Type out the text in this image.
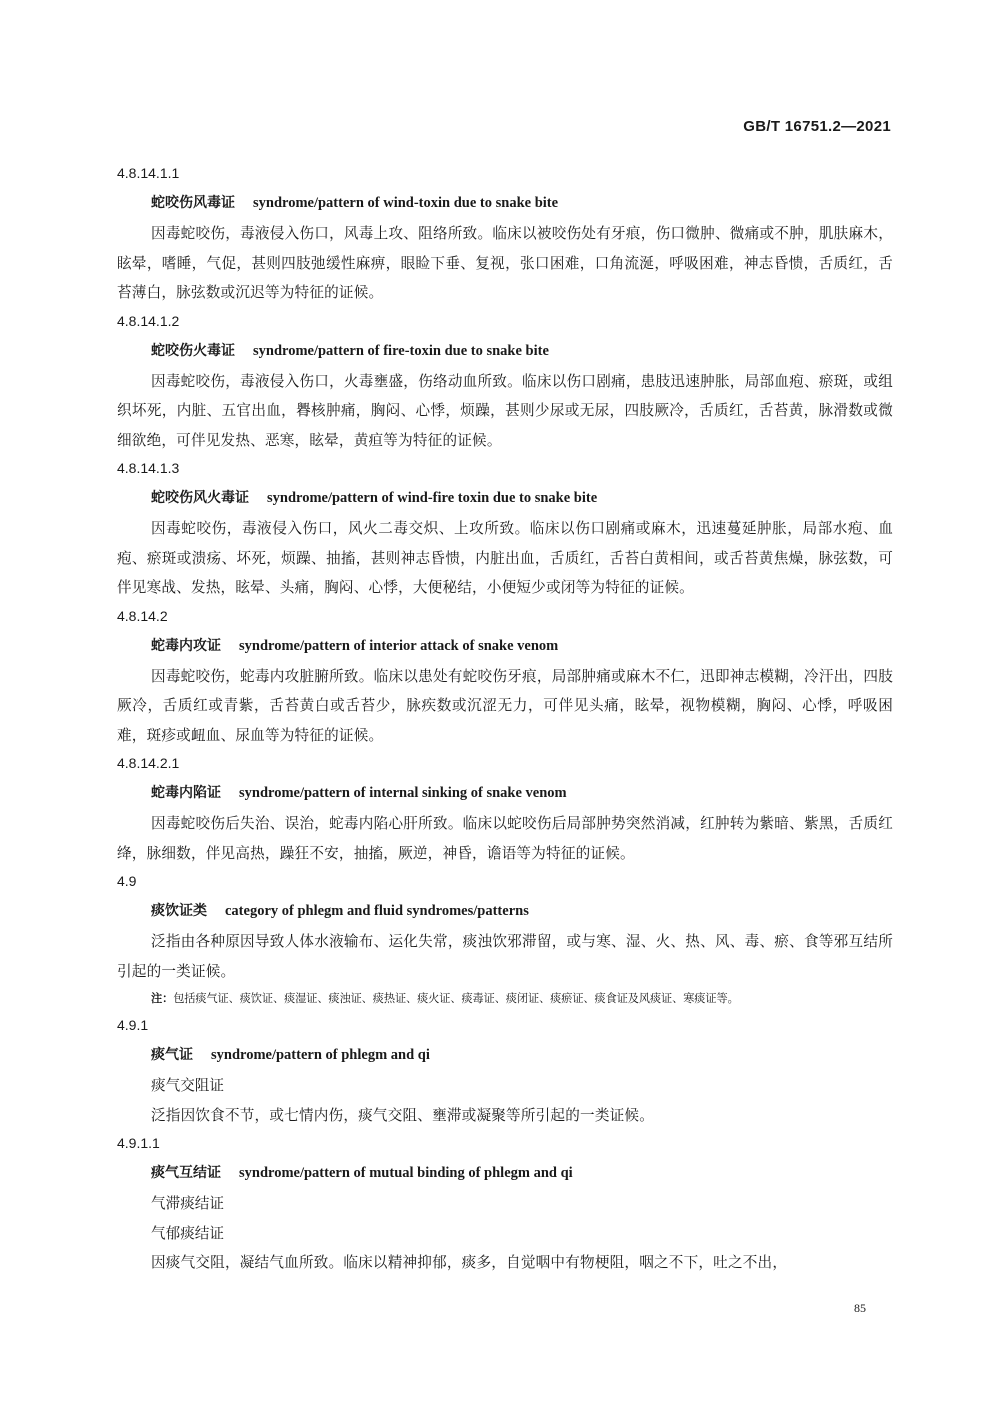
GB/T 16751.2—2021
4.8.14.1.1
蛇咬伤风毒证 syndrome/pattern of wind-toxin due to snake bite

因毒蛇咬伤，毒液侵入伤口，风毒上攻、阻络所致。临床以被咬伤处有牙痕，伤口微肿、微痛或不肿，肌肤麻木，眩晕，嗜睡，气促，甚则四肢弛缓性麻痹，眼睑下垂、复视，张口困难，口角流涎，呼吸困难，神志昏愦，舌质红，舌苔薄白，脉弦数或沉迟等为特征的证候。

4.8.14.1.2
蛇咬伤火毒证 syndrome/pattern of fire-toxin due to snake bite

因毒蛇咬伤，毒液侵入伤口，火毒壅盛，伤络动血所致。临床以伤口剧痛，患肢迅速肿胀，局部血疱、瘀斑，或组织坏死，内脏、五官出血，臖核肿痛，胸闷、心悸，烦躁，甚则少尿或无尿，四肢厥冷，舌质红，舌苔黄，脉滑数或微细欲绝，可伴见发热、恶寒，眩晕，黄疸等为特征的证候。

4.8.14.1.3
蛇咬伤风火毒证 syndrome/pattern of wind-fire toxin due to snake bite

因毒蛇咬伤，毒液侵入伤口，风火二毒交炽、上攻所致。临床以伤口剧痛或麻木，迅速蔓延肿胀，局部水疱、血疱、瘀斑或溃疡、坏死，烦躁、抽搐，甚则神志昏愦，内脏出血，舌质红，舌苔白黄相间，或舌苔黄焦燥，脉弦数，可伴见寒战、发热，眩晕、头痛，胸闷、心悸，大便秘结，小便短少或闭等为特征的证候。

4.8.14.2
蛇毒内攻证 syndrome/pattern of interior attack of snake venom

因毒蛇咬伤，蛇毒内攻脏腑所致。临床以患处有蛇咬伤牙痕，局部肿痛或麻木不仁，迅即神志模糊，冷汗出，四肢厥冷，舌质红或青紫，舌苔黄白或舌苔少，脉疾数或沉涩无力，可伴见头痛，眩晕，视物模糊，胸闷、心悸，呼吸困难，斑疹或衄血、尿血等为特征的证候。

4.8.14.2.1
蛇毒内陷证 syndrome/pattern of internal sinking of snake venom

因毒蛇咬伤后失治、误治，蛇毒内陷心肝所致。临床以蛇咬伤后局部肿势突然消减，红肿转为紫暗、紫黑，舌质红绛，脉细数，伴见高热，躁狂不安，抽搐，厥逆，神昏，谵语等为特征的证候。

4.9
痰饮证类 category of phlegm and fluid syndromes/patterns

泛指由各种原因导致人体水液输布、运化失常，痰浊饮邪滞留，或与寒、湿、火、热、风、毒、瘀、食等邪互结所引起的一类证候。

注：包括痰气证、痰饮证、痰湿证、痰浊证、痰热证、痰火证、痰毒证、痰闭证、痰瘀证、痰食证及风痰证、寒痰证等。
4.9.1
痰气证 syndrome/pattern of phlegm and qi
痰气交阻证

泛指因饮食不节，或七情内伤，痰气交阻、壅滞或凝聚等所引起的一类证候。

4.9.1.1
痰气互结证 syndrome/pattern of mutual binding of phlegm and qi
气滞痰结证
气郁痰结证

因痰气交阻，凝结气血所致。临床以精神抑郁，痰多，自觉咽中有物梗阻，咽之不下，吐之不出，

85
